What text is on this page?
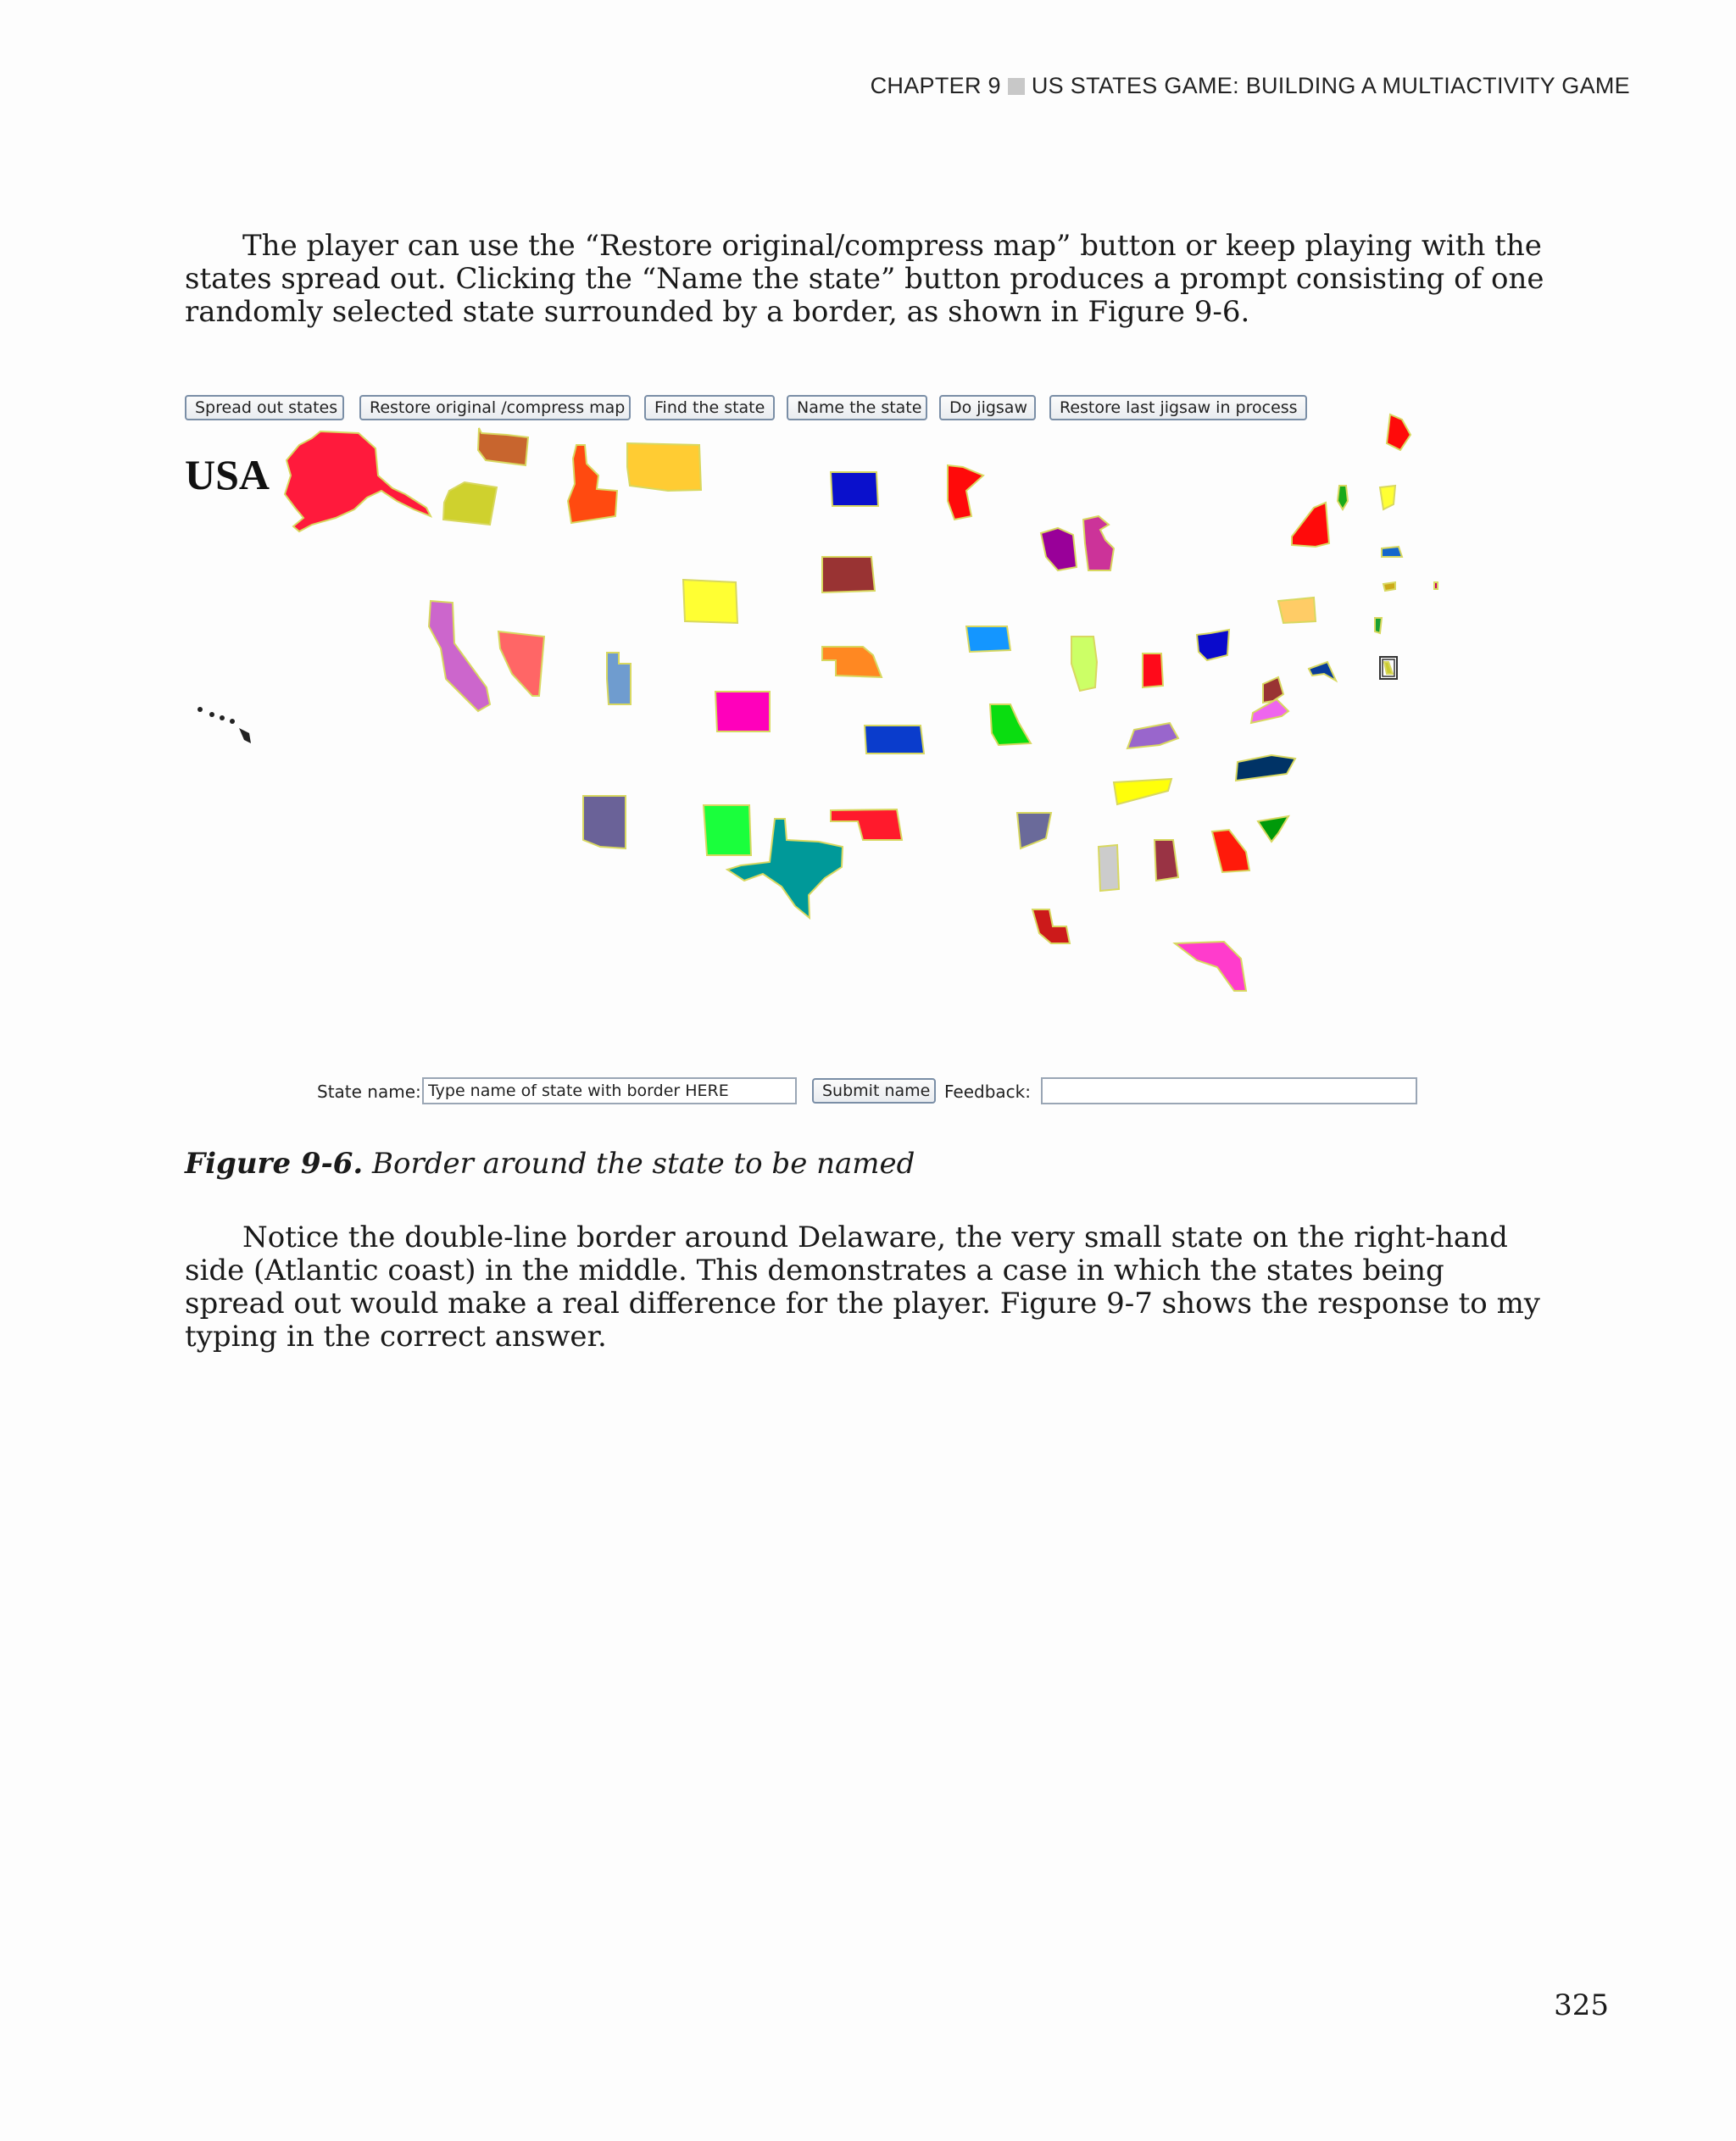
CHAPTER 9 US STATES GAME: BUILDING A MULTIACTIVITY GAME

The player can use the “Restore original/compress map” button or keep playing with the states spread out. Clicking the “Name the state” button produces a prompt consisting of one randomly selected state surrounded by a border, as shown in Figure 9-6.

Spread out states	Restore original /compress map	Find the state	Name the state	Do jigsaw	Restore last jigsaw in process
USA
State name:
Type name of state with border HERE	Submit name Feedback:

Figure 9-6. Border around the state to be named

Notice the double-line border around Delaware, the very small state on the right-hand side (Atlantic coast) in the middle. This demonstrates a case in which the states being spread out would make a real difference for the player. Figure 9-7 shows the response to my typing in the correct answer.

325
